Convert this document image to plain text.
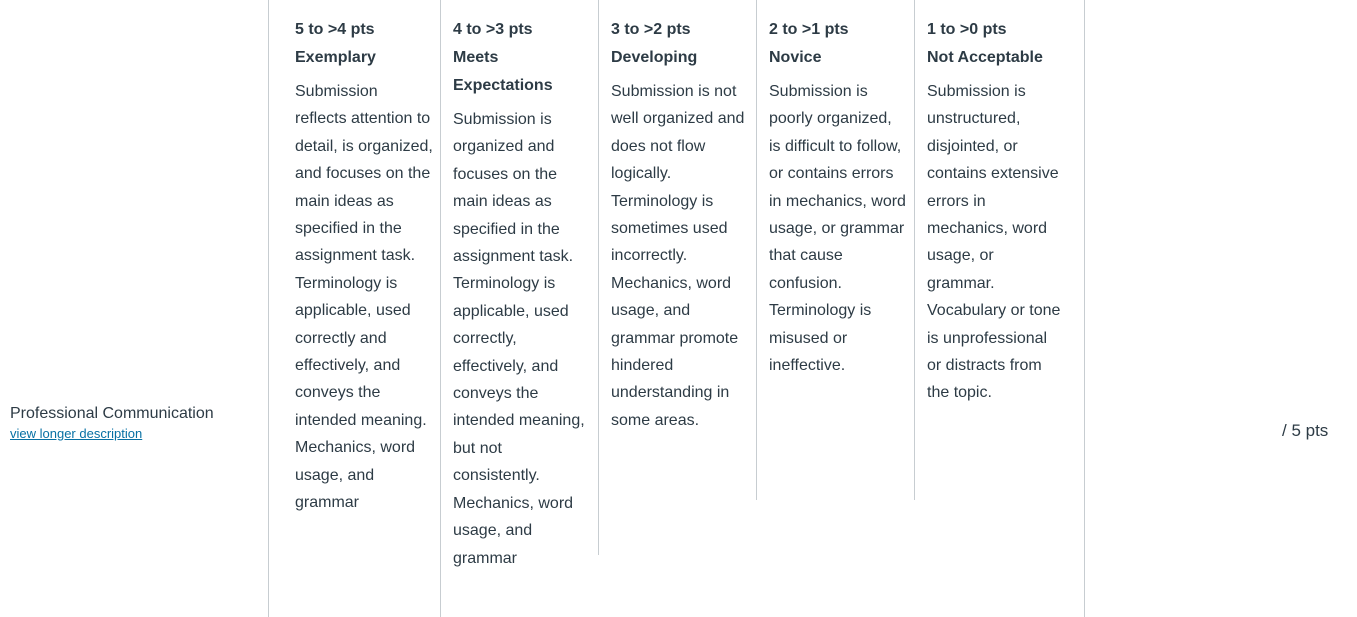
Professional Communication
view longer description
5 to >4 pts
Exemplary
Submission reflects attention to detail, is organized, and focuses on the main ideas as specified in the assignment task. Terminology is applicable, used correctly and effectively, and conveys the intended meaning. Mechanics, word usage, and grammar
4 to >3 pts
Meets Expectations
Submission is organized and focuses on the main ideas as specified in the assignment task. Terminology is applicable, used correctly, effectively, and conveys the intended meaning, but not consistently. Mechanics, word usage, and grammar
3 to >2 pts
Developing
Submission is not well organized and does not flow logically. Terminology is sometimes used incorrectly. Mechanics, word usage, and grammar promote hindered understanding in some areas.
2 to >1 pts
Novice
Submission is poorly organized, is difficult to follow, or contains errors in mechanics, word usage, or grammar that cause confusion. Terminology is misused or ineffective.
1 to >0 pts
Not Acceptable
Submission is unstructured, disjointed, or contains extensive errors in mechanics, word usage, or grammar. Vocabulary or tone is unprofessional or distracts from the topic.
/ 5 pts
